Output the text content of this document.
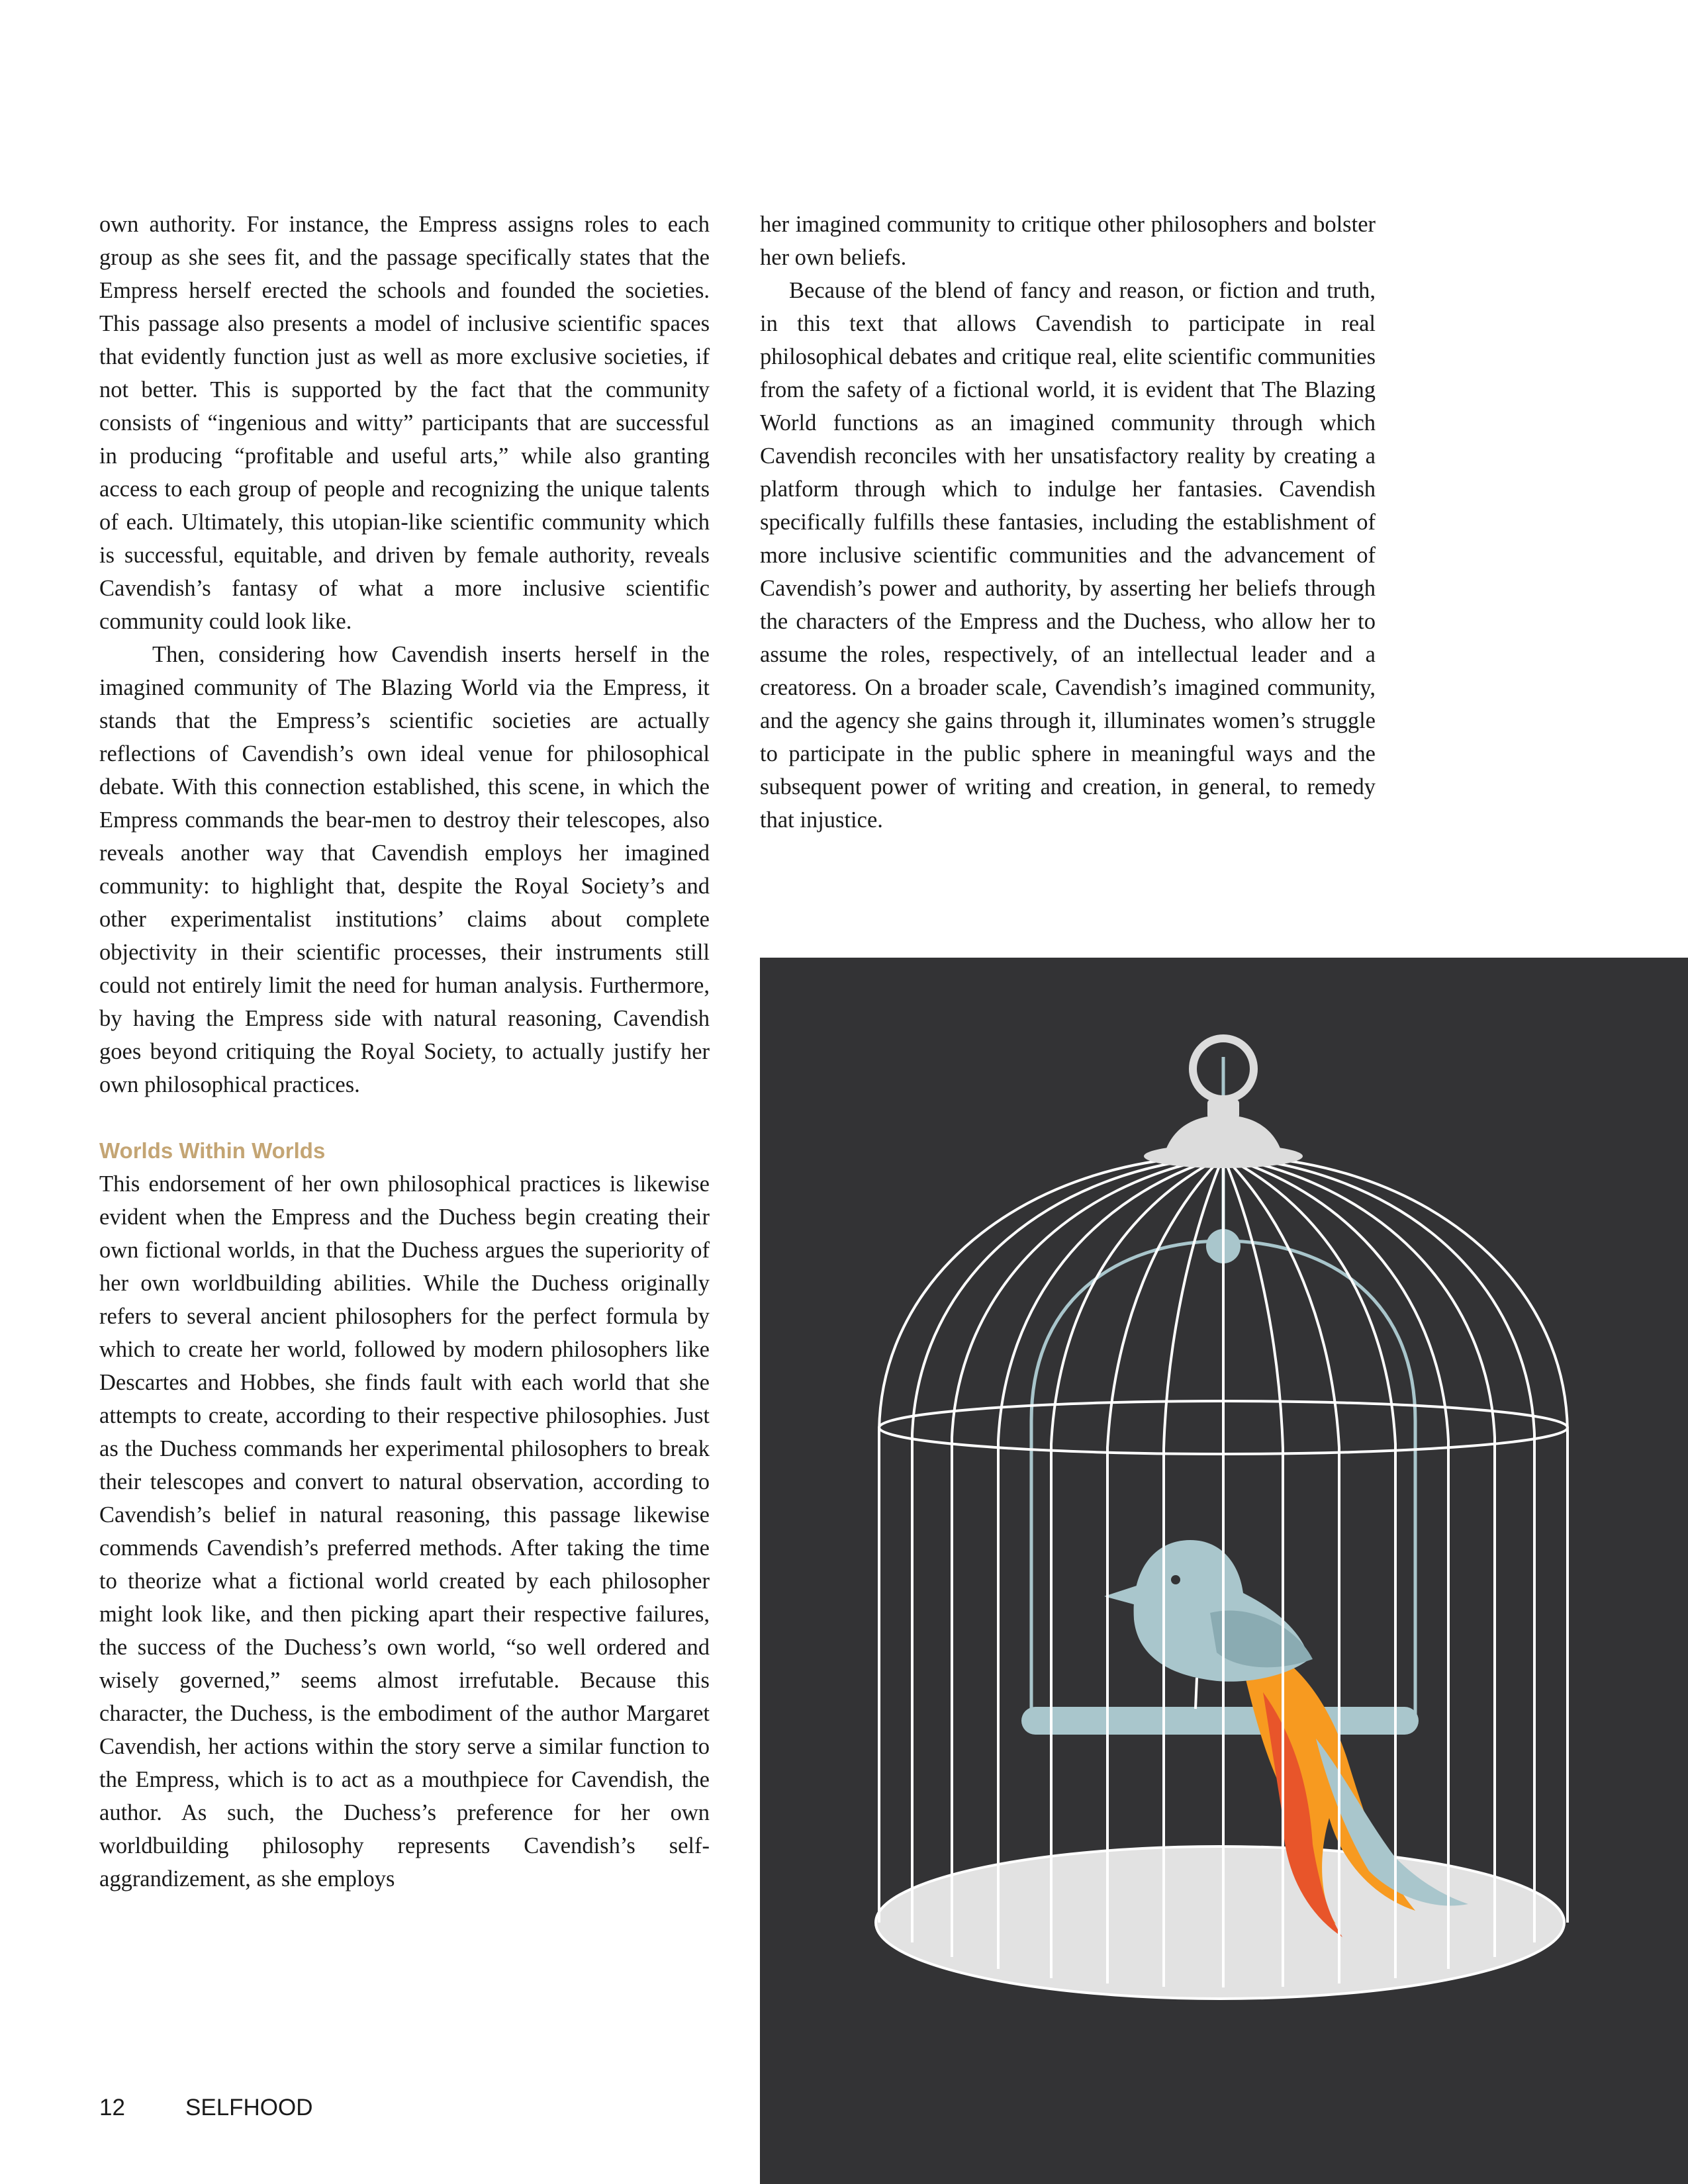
own authority. For instance, the Empress assigns roles to each group as she sees fit, and the passage specifically states that the Empress herself erected the schools and founded the societies. This passage also presents a model of inclusive scientific spaces that evidently function just as well as more exclusive societies, if not better. This is supported by the fact that the community consists of “ingenious and witty” participants that are successful in producing “profitable and useful arts,” while also granting access to each group of people and recognizing the unique talents of each. Ultimately, this utopian-like scientific community which is successful, equitable, and driven by female authority, reveals Cavendish’s fantasy of what a more inclusive scientific community could look like.

Then, considering how Cavendish inserts herself in the imagined community of The Blazing World via the Empress, it stands that the Empress’s scientific societies are actually reflections of Cavendish’s own ideal venue for philosophical debate. With this connection established, this scene, in which the Empress commands the bear-men to destroy their telescopes, also reveals another way that Cavendish employs her imagined community: to highlight that, despite the Royal Society’s and other experimentalist institutions’ claims about complete objectivity in their scientific processes, their instruments still could not entirely limit the need for human analysis. Furthermore, by having the Empress side with natural reasoning, Cavendish goes beyond critiquing the Royal Society, to actually justify her own philosophical practices.

Worlds Within Worlds

This endorsement of her own philosophical practices is likewise evident when the Empress and the Duchess begin creating their own fictional worlds, in that the Duchess argues the superiority of her own worldbuilding abilities. While the Duchess originally refers to several ancient philosophers for the perfect formula by which to create her world, followed by modern philosophers like Descartes and Hobbes, she finds fault with each world that she attempts to create, according to their respective philosophies. Just as the Duchess commands her experimental philosophers to break their telescopes and convert to natural observation, according to Cavendish’s belief in natural reasoning, this passage likewise commends Cavendish’s preferred methods. After taking the time to theorize what a fictional world created by each philosopher might look like, and then picking apart their respective failures, the success of the Duchess’s own world, “so well ordered and wisely governed,” seems almost irrefutable. Because this character, the Duchess, is the embodiment of the author Margaret Cavendish, her actions within the story serve a similar function to the Empress, which is to act as a mouthpiece for Cavendish, the author. As such, the Duchess’s preference for her own worldbuilding philosophy represents Cavendish’s self-aggrandizement, as she employs

her imagined community to critique other philosophers and bolster her own beliefs.

Because of the blend of fancy and reason, or fiction and truth, in this text that allows Cavendish to participate in real philosophical debates and critique real, elite scientific communities from the safety of a fictional world, it is evident that The Blazing World functions as an imagined community through which Cavendish reconciles with her unsatisfactory reality by creating a platform through which to indulge her fantasies. Cavendish specifically fulfills these fantasies, including the establishment of more inclusive scientific communities and the advancement of Cavendish’s power and authority, by asserting her beliefs through the characters of the Empress and the Duchess, who allow her to assume the roles, respectively, of an intellectual leader and a creatoress. On a broader scale, Cavendish’s imagined community, and the agency she gains through it, illuminates women’s struggle to participate in the public sphere in meaningful ways and the subsequent power of writing and creation, in general, to remedy that injustice.

12	SELFHOOD
